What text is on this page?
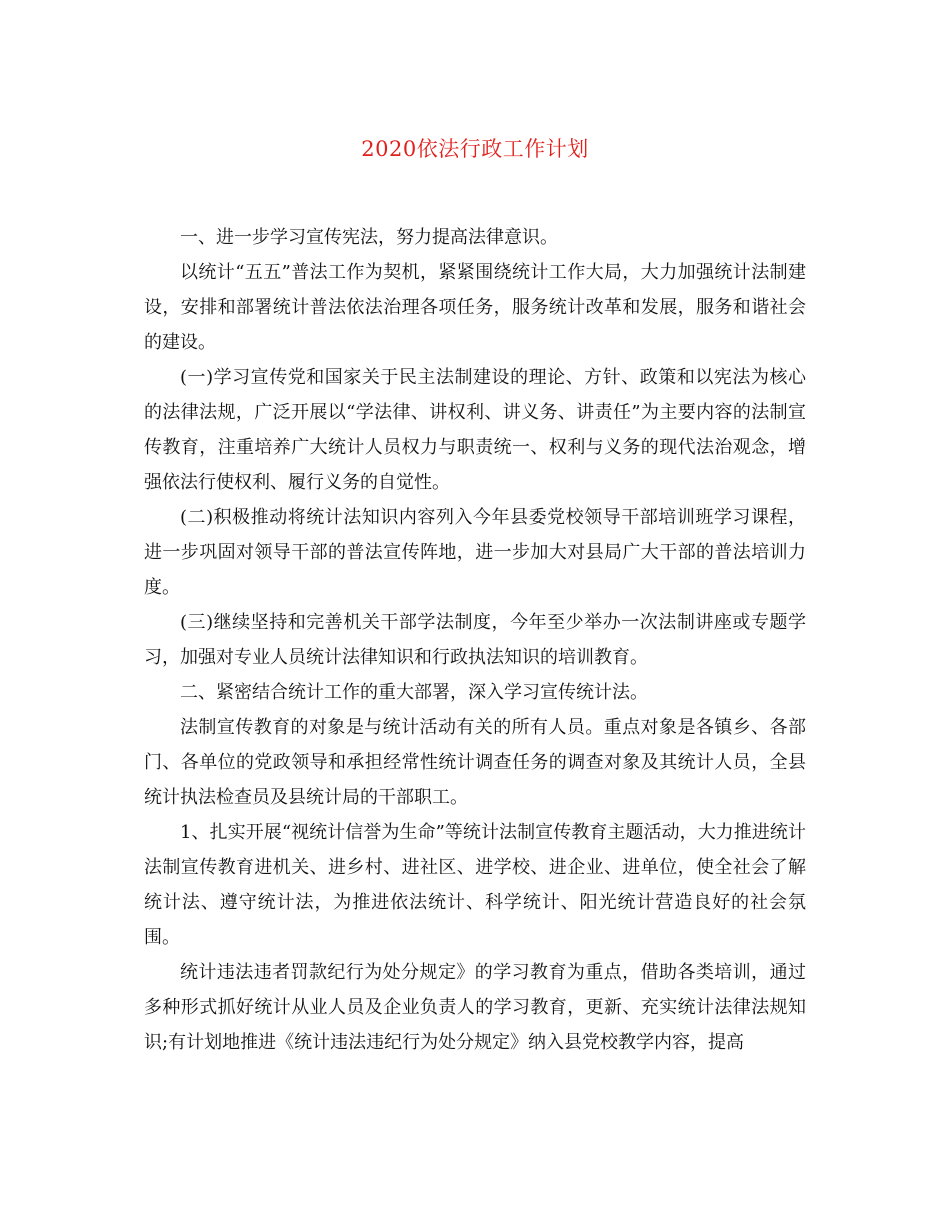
2020依法行政工作计划

一、进一步学习宣传宪法，努力提高法律意识。

以统计“五五”普法工作为契机，紧紧围绕统计工作大局，大力加强统计法制建设，安排和部署统计普法依法治理各项任务，服务统计改革和发展，服务和谐社会的建设。

(一)学习宣传党和国家关于民主法制建设的理论、方针、政策和以宪法为核心的法律法规，广泛开展以“学法律、讲权利、讲义务、讲责任”为主要内容的法制宣传教育，注重培养广大统计人员权力与职责统一、权利与义务的现代法治观念，增强依法行使权利、履行义务的自觉性。

(二)积极推动将统计法知识内容列入今年县委党校领导干部培训班学习课程，进一步巩固对领导干部的普法宣传阵地，进一步加大对县局广大干部的普法培训力度。

(三)继续坚持和完善机关干部学法制度，今年至少举办一次法制讲座或专题学习，加强对专业人员统计法律知识和行政执法知识的培训教育。

二、紧密结合统计工作的重大部署，深入学习宣传统计法。

法制宣传教育的对象是与统计活动有关的所有人员。重点对象是各镇乡、各部门、各单位的党政领导和承担经常性统计调查任务的调查对象及其统计人员，全县统计执法检查员及县统计局的干部职工。

1、扎实开展“视统计信誉为生命”等统计法制宣传教育主题活动，大力推进统计法制宣传教育进机关、进乡村、进社区、进学校、进企业、进单位，使全社会了解统计法、遵守统计法，为推进依法统计、科学统计、阳光统计营造良好的社会氛围。

统计违法违者罚款纪行为处分规定》的学习教育为重点，借助各类培训，通过多种形式抓好统计从业人员及企业负责人的学习教育，更新、充实统计法律法规知识;有计划地推进《统计违法违纪行为处分规定》纳入县党校教学内容，提高
